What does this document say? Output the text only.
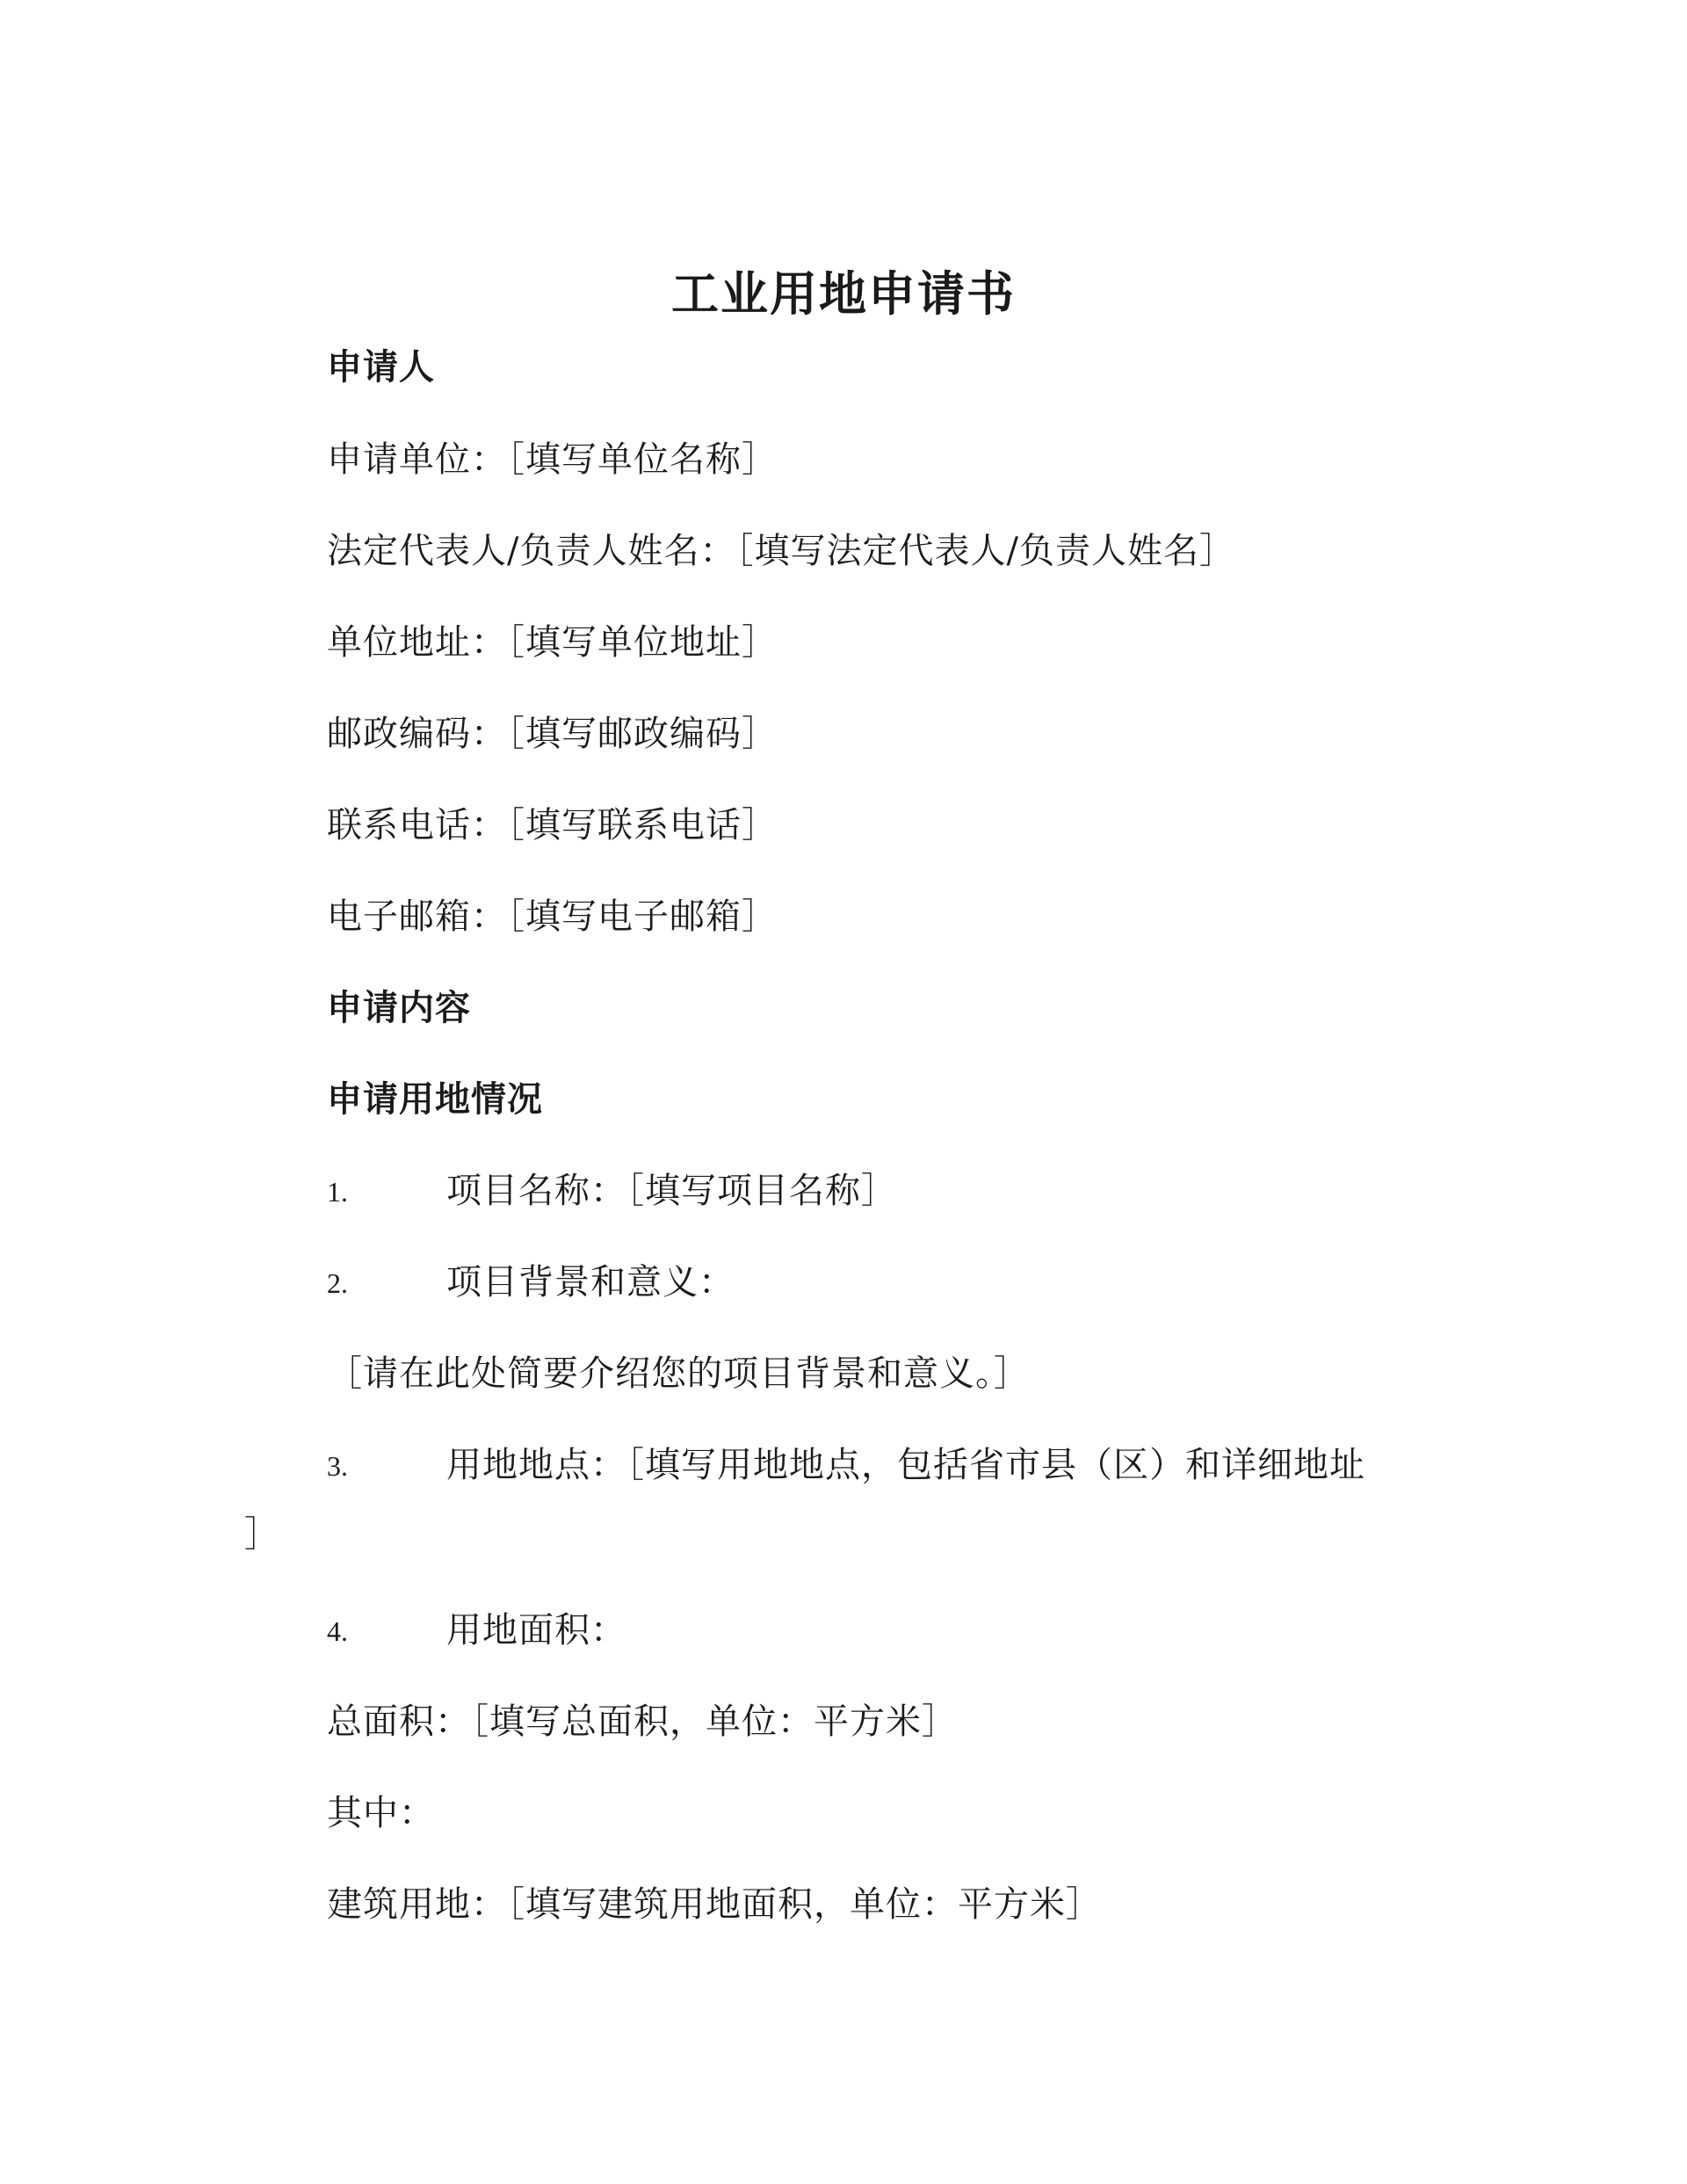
工业用地申请书
申请人
申请单位：［填写单位名称］
法定代表人/负责人姓名：［填写法定代表人/负责人姓名］
单位地址：［填写单位地址］
邮政编码：［填写邮政编码］
联系电话：［填写联系电话］
电子邮箱：［填写电子邮箱］
申请内容
申请用地情况
1.	项目名称：［填写项目名称］
2.	项目背景和意义：
［请在此处简要介绍您的项目背景和意义。］
3.	用地地点：［填写用地地点，包括省市县（区）和详细地址
］
4.	用地面积：
总面积：［填写总面积，单位：平方米］
其中：
建筑用地：［填写建筑用地面积，单位：平方米］
